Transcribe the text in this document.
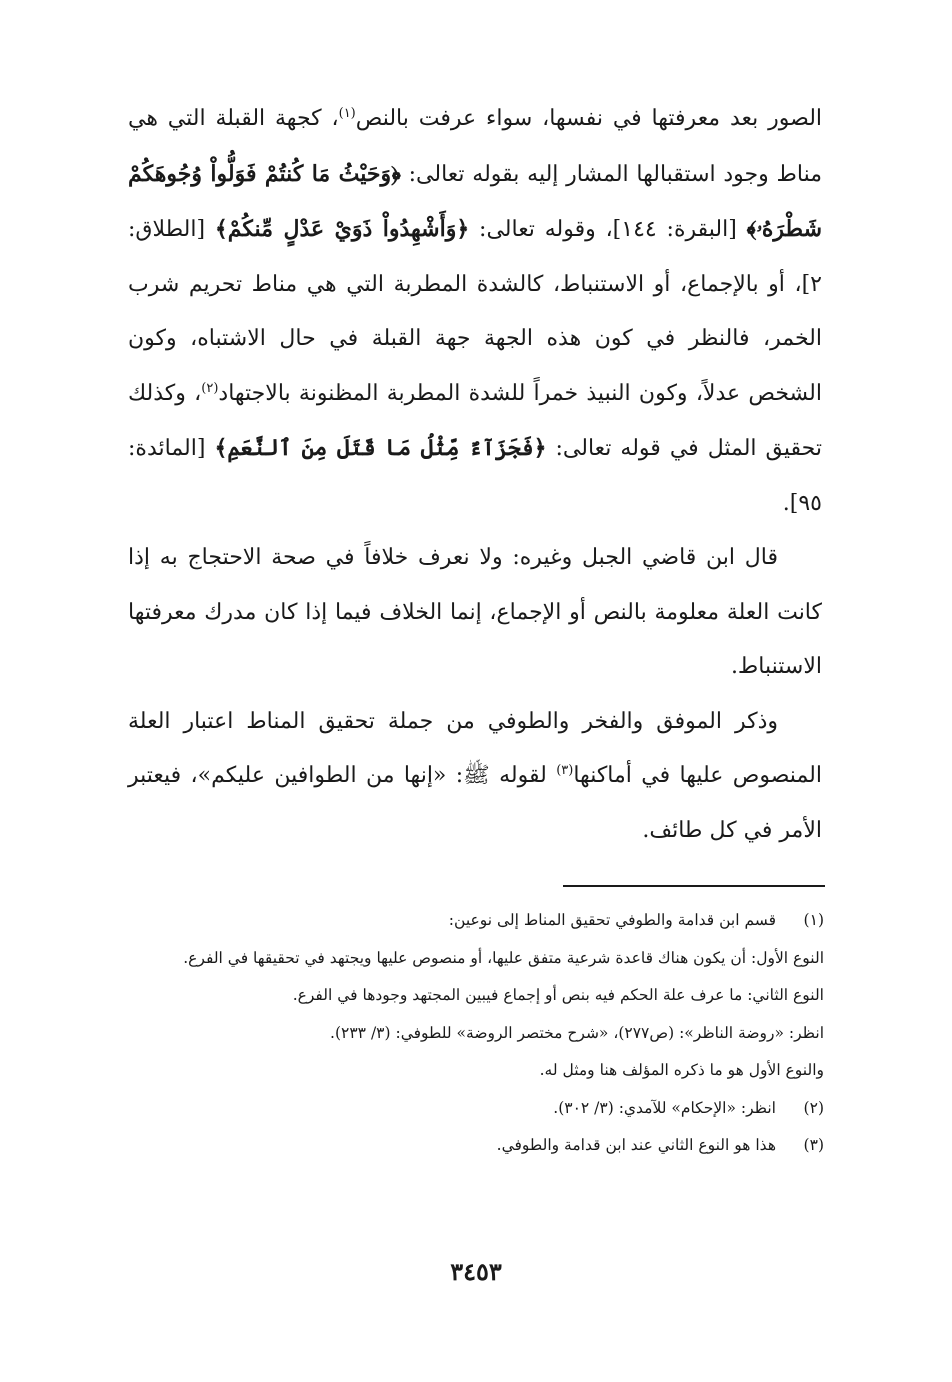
الصور بعد معرفتها في نفسها، سواء عرفت بالنص$^{(١)}$، كجهة القبلة التي هي مناط وجود استقبالها المشار إليه بقوله تعالى: ﴿وَحَيْثُ مَا كُنتُمْ فَوَلُّواْ وُجُوهَكُمْ شَطْرَهُۥ﴾ [البقرة: ١٤٤]، وقوله تعالى: ﴿وَأَشْهِدُواْ ذَوَيْ عَدْلٍ مِّنكُمْ﴾ [الطلاق: ٢]، أو بالإجماع، أو الاستنباط، كالشدة المطربة التي هي مناط تحريم شرب الخمر، فالنظر في كون هذه الجهة جهة القبلة في حال الاشتباه، وكون الشخص عدلاً، وكون النبيذ خمراً للشدة المطربة المظنونة بالاجتهاد$^{(٢)}$، وكذلك تحقيق المثل في قوله تعالى: ﴿فَجَزَآءٌ مِّثْلُ مَا قَتَلَ مِنَ ٱلنَّعَمِ﴾ [المائدة: ٩٥].

قال ابن قاضي الجبل وغيره: ولا نعرف خلافاً في صحة الاحتجاج به إذا كانت العلة معلومة بالنص أو الإجماع، إنما الخلاف فيما إذا كان مدرك معرفتها الاستنباط.

وذكر الموفق والفخر والطوفي من جملة تحقيق المناط اعتبار العلة المنصوص عليها في أماكنها$^{(٣)}$ لقوله ﷺ: «إنها من الطوافين عليكم»، فيعتبر الأمر في كل طائف.

(١)
قسم ابن قدامة والطوفي تحقيق المناط إلى نوعين:
النوع الأول: أن يكون هناك قاعدة شرعية متفق عليها، أو منصوص عليها ويجتهد في تحقيقها في الفرع.
النوع الثاني: ما عرف علة الحكم فيه بنص أو إجماع فيبين المجتهد وجودها في الفرع.
انظر: «روضة الناظر»: (ص٢٧٧)، «شرح مختصر الروضة» للطوفي: (٣/ ٢٣٣).
والنوع الأول هو ما ذكره المؤلف هنا ومثل له.
(٢)
انظر: «الإحكام» للآمدي: (٣/ ٣٠٢).
(٣)
هذا هو النوع الثاني عند ابن قدامة والطوفي.
٣٤٥٣
